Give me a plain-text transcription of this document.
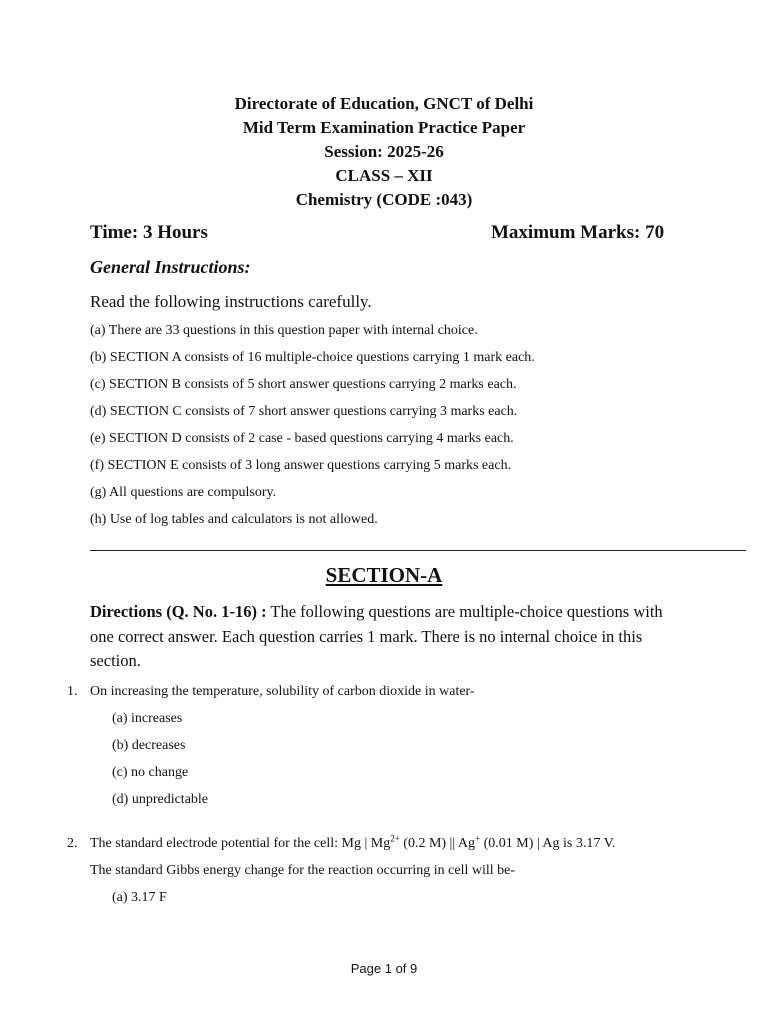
Directorate of Education, GNCT of Delhi
Mid Term Examination Practice Paper
Session: 2025-26
CLASS – XII
Chemistry (CODE :043)
Time: 3 Hours	Maximum Marks: 70
General Instructions:
Read the following instructions carefully.
(a) There are 33 questions in this question paper with internal choice.
(b) SECTION A consists of 16 multiple-choice questions carrying 1 mark each.
(c) SECTION B consists of 5 short answer questions carrying 2 marks each.
(d) SECTION C consists of 7 short answer questions carrying 3 marks each.
(e) SECTION D consists of 2 case - based questions carrying 4 marks each.
(f) SECTION E consists of 3 long answer questions carrying 5 marks each.
(g) All questions are compulsory.
(h) Use of log tables and calculators is not allowed.
SECTION-A
Directions (Q. No. 1-16) : The following questions are multiple-choice questions with one correct answer. Each question carries 1 mark. There is no internal choice in this section.
1. On increasing the temperature, solubility of carbon dioxide in water-
(a) increases
(b) decreases
(c) no change
(d) unpredictable
2. The standard electrode potential for the cell: Mg | $Mg^{2+}$ (0.2 M) || Ag+ (0.01 M) | Ag is 3.17 V.
The standard Gibbs energy change for the reaction occurring in cell will be-
(a) 3.17 F
Page 1 of 9
